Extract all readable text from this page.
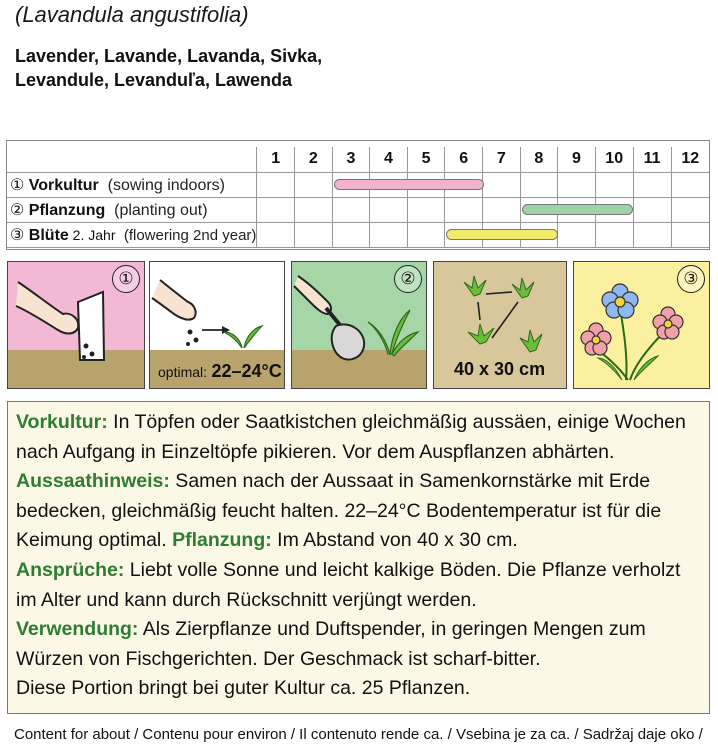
(Lavandula angustifolia)
Lavender, Lavande, Lavanda, Sivka,
Levandule, Levanduľa, Lawenda
	1	2	3	4	5	6	7	8	9	10	11	12
① Vorkultur  (sowing indoors)			

② Pflanzung  (planting out)								

③ Blüte 2. Jahr  (flowering 2nd year)						

①
optimal: 22–24°C
②
40 x 30 cm
③

Vorkultur: In Töpfen oder Saatkistchen gleichmäßig aussäen, einige Wochen nach Aufgang in Einzeltöpfe pikieren. Vor dem Auspflanzen abhärten.

Aussaathinweis: Samen nach der Aussaat in Samenkornstärke mit Erde bedecken, gleichmäßig feucht halten. 22–24°C Bodentemperatur ist für die Keimung optimal. Pflanzung: Im Abstand von 40 x 30 cm.

Ansprüche: Liebt volle Sonne und leicht kalkige Böden. Die Pflanze verholzt im Alter und kann durch Rückschnitt verjüngt werden.

Verwendung: Als Zierpflanze und Duftspender, in geringen Mengen zum Würzen von Fischgerichten. Der Geschmack ist scharf-bitter.

Diese Portion bringt bei guter Kultur ca. 25 Pflanzen.

Content for about / Contenu pour environ / Il contenuto rende ca. / Vsebina je za ca. / Sadržaj daje oko /
